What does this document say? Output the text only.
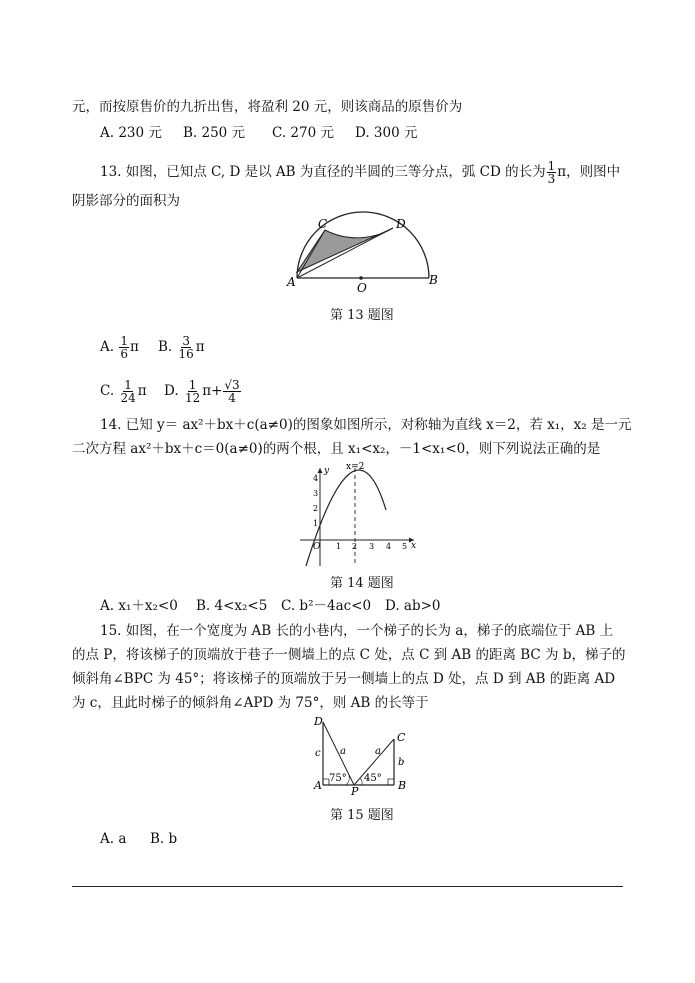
元，而按原售价的九折出售，将盈利 20 元，则该商品的原售价为
A. 230 元 B. 250 元 C. 270 元 D. 300 元
13. 如图，已知点 C, D 是以 AB 为直径的半圆的三等分点，弧 CD 的长为 $\frac{1}{3}$ π，则图中
阴影部分的面积为
C	D
A	O
B
第 13 题图
A.
$\frac{1}{6}$ π B.
$\frac{3}{16}$ π
C.
$\frac{1}{24}$ π D.
$\frac{1}{12} \pi+ \frac{√3}{4}$
14. 已知 y＝ ax²＋bx＋c(a≠0)的图象如图所示，对称轴为直线 x＝2，若 x₁，x₂ 是一元
二次方程 ax²＋bx＋c＝0(a≠0)的两个根，且 x₁<x₂，－1<x₁<0，则下列说法正确的是
x=2
y
x
O 1 2 3 4 5
1
2
3
4
第 14 题图
A. x₁＋x₂<0 B. 4<x₂<5 C. b²－4ac<0 D. ab>0
15. 如图，在一个宽度为 AB 长的小巷内，一个梯子的长为 a，梯子的底端位于 AB 上
的点 P，将该梯子的顶端放于巷子一侧墙上的点 C 处，点 C 到 AB 的距离 BC 为 b，梯子的
倾斜角∠BPC 为 45°；将该梯子的顶端放于另一侧墙上的点 D 处，点 D 到 AB 的距离 AD
为 c，且此时梯子的倾斜角∠APD 为 75°，则 AB 的长等于
D
C
A	B
P
a	a
b
c
75° 45°
第 15 题图
A. a B. b
